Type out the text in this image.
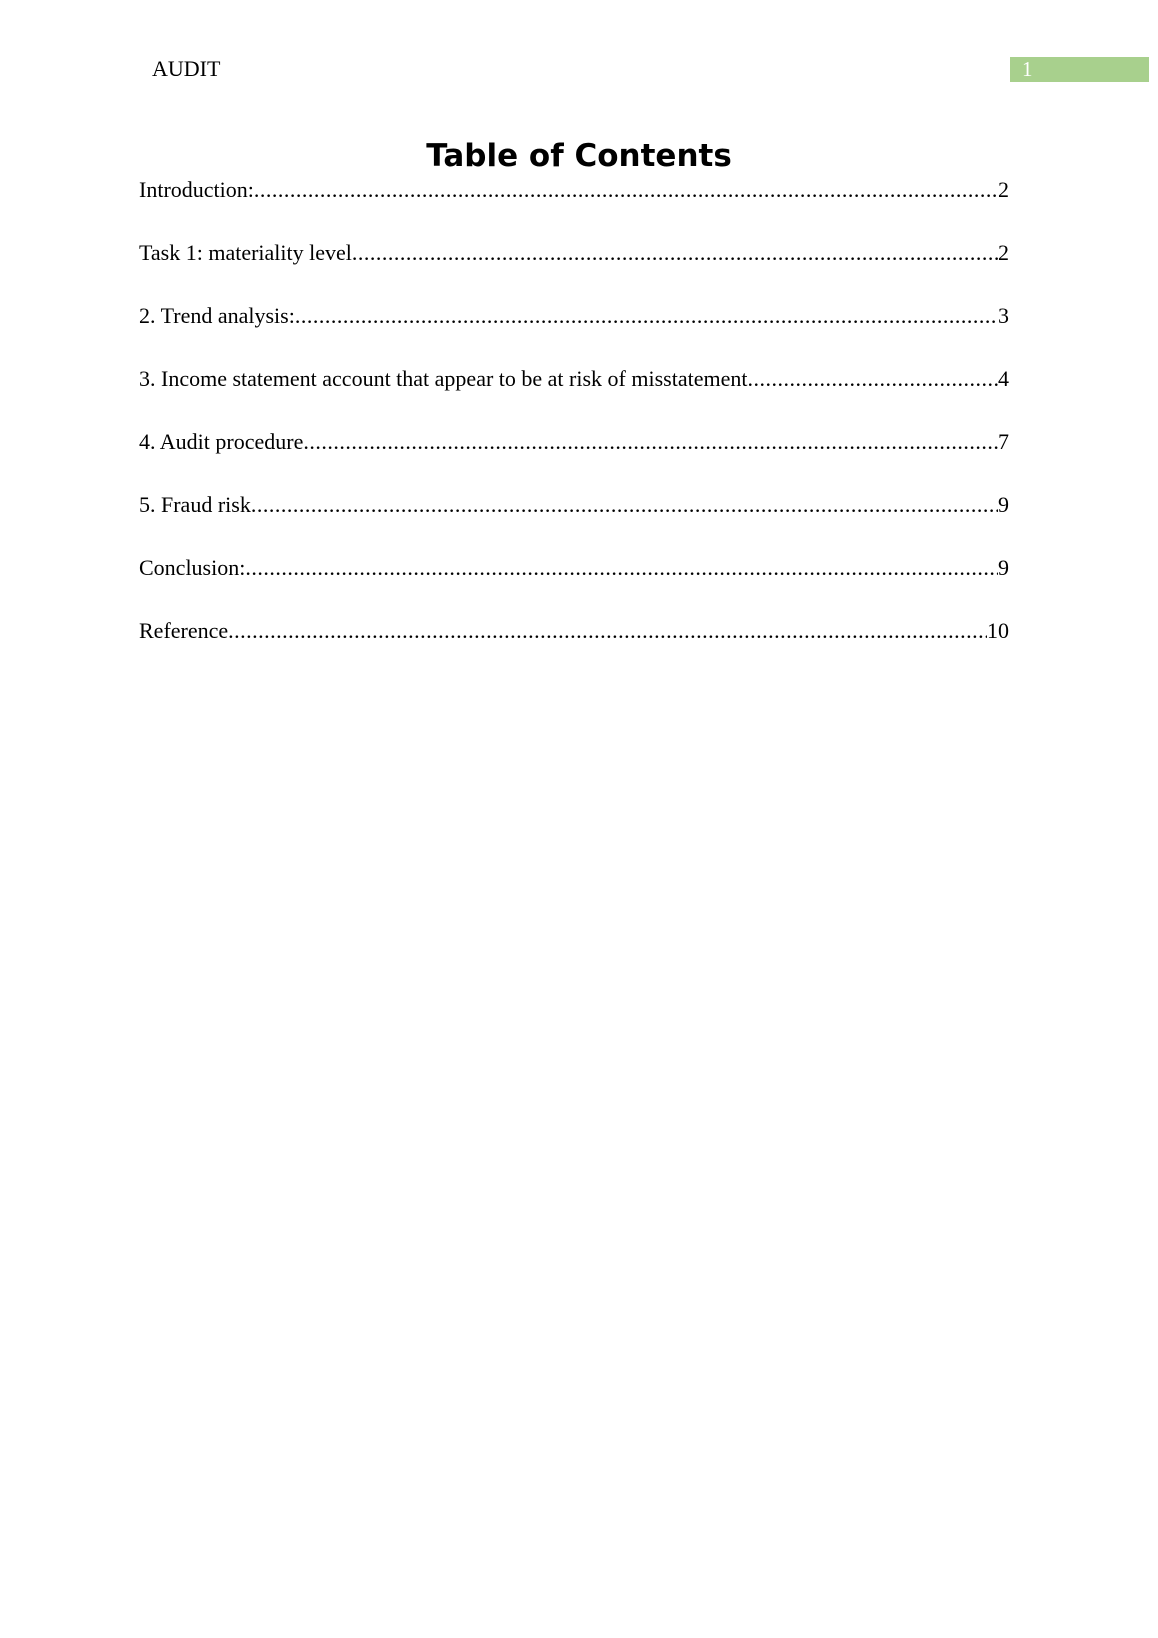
AUDIT	1
Table of Contents
Introduction: .....	2
Task 1: materiality level .....	2
2. Trend analysis: .....	3
3. Income statement account that appear to be at risk of misstatement .....	4
4. Audit procedure .....	7
5. Fraud risk .....	9
Conclusion: .....	9
Reference .....	10
